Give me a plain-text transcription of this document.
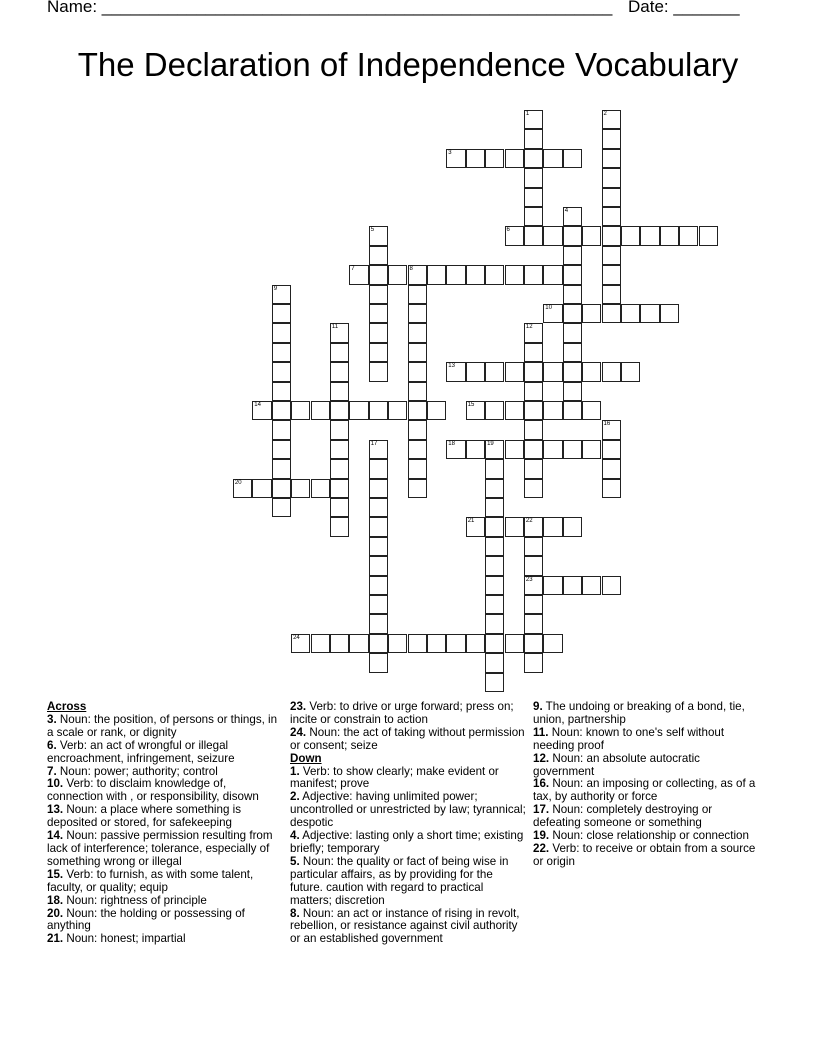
Name: ______________________________________________________ Date: _______
The Declaration of Independence Vocabulary
3
6
7	8
10
13
14	15
18	19
20
21	22
23
24
1	2
4
5
9
11	12
16
17

Across

3. Noun: the position, of persons or things, in a scale or rank, or dignity

6. Verb: an act of wrongful or illegal encroachment, infringement, seizure

7. Noun: power; authority; control

10. Verb: to disclaim knowledge of, connection with , or responsibility, disown

13. Noun: a place where something is deposited or stored, for safekeeping

14. Noun: passive permission resulting from lack of interference; tolerance, especially of something wrong or illegal

15. Verb: to furnish, as with some talent, faculty, or quality; equip

18. Noun: rightness of principle

20. Noun: the holding or possessing of anything

21. Noun: honest; impartial

23. Verb: to drive or urge forward; press on; incite or constrain to action

24. Noun: the act of taking without permission or consent; seize

Down

1. Verb: to show clearly; make evident or manifest; prove

2. Adjective: having unlimited power; uncontrolled or unrestricted by law; tyrannical; despotic

4. Adjective: lasting only a short time; existing briefly; temporary

5. Noun: the quality or fact of being wise in particular affairs, as by providing for the future. caution with regard to practical matters; discretion

8. Noun: an act or instance of rising in revolt, rebellion, or resistance against civil authority or an established government

9. The undoing or breaking of a bond, tie, union, partnership

11. Noun: known to one's self without needing proof

12. Noun: an absolute autocratic government

16. Noun: an imposing or collecting, as of a tax, by authority or force

17. Noun: completely destroying or defeating someone or something

19. Noun: close relationship or connection

22. Verb: to receive or obtain from a source or origin
